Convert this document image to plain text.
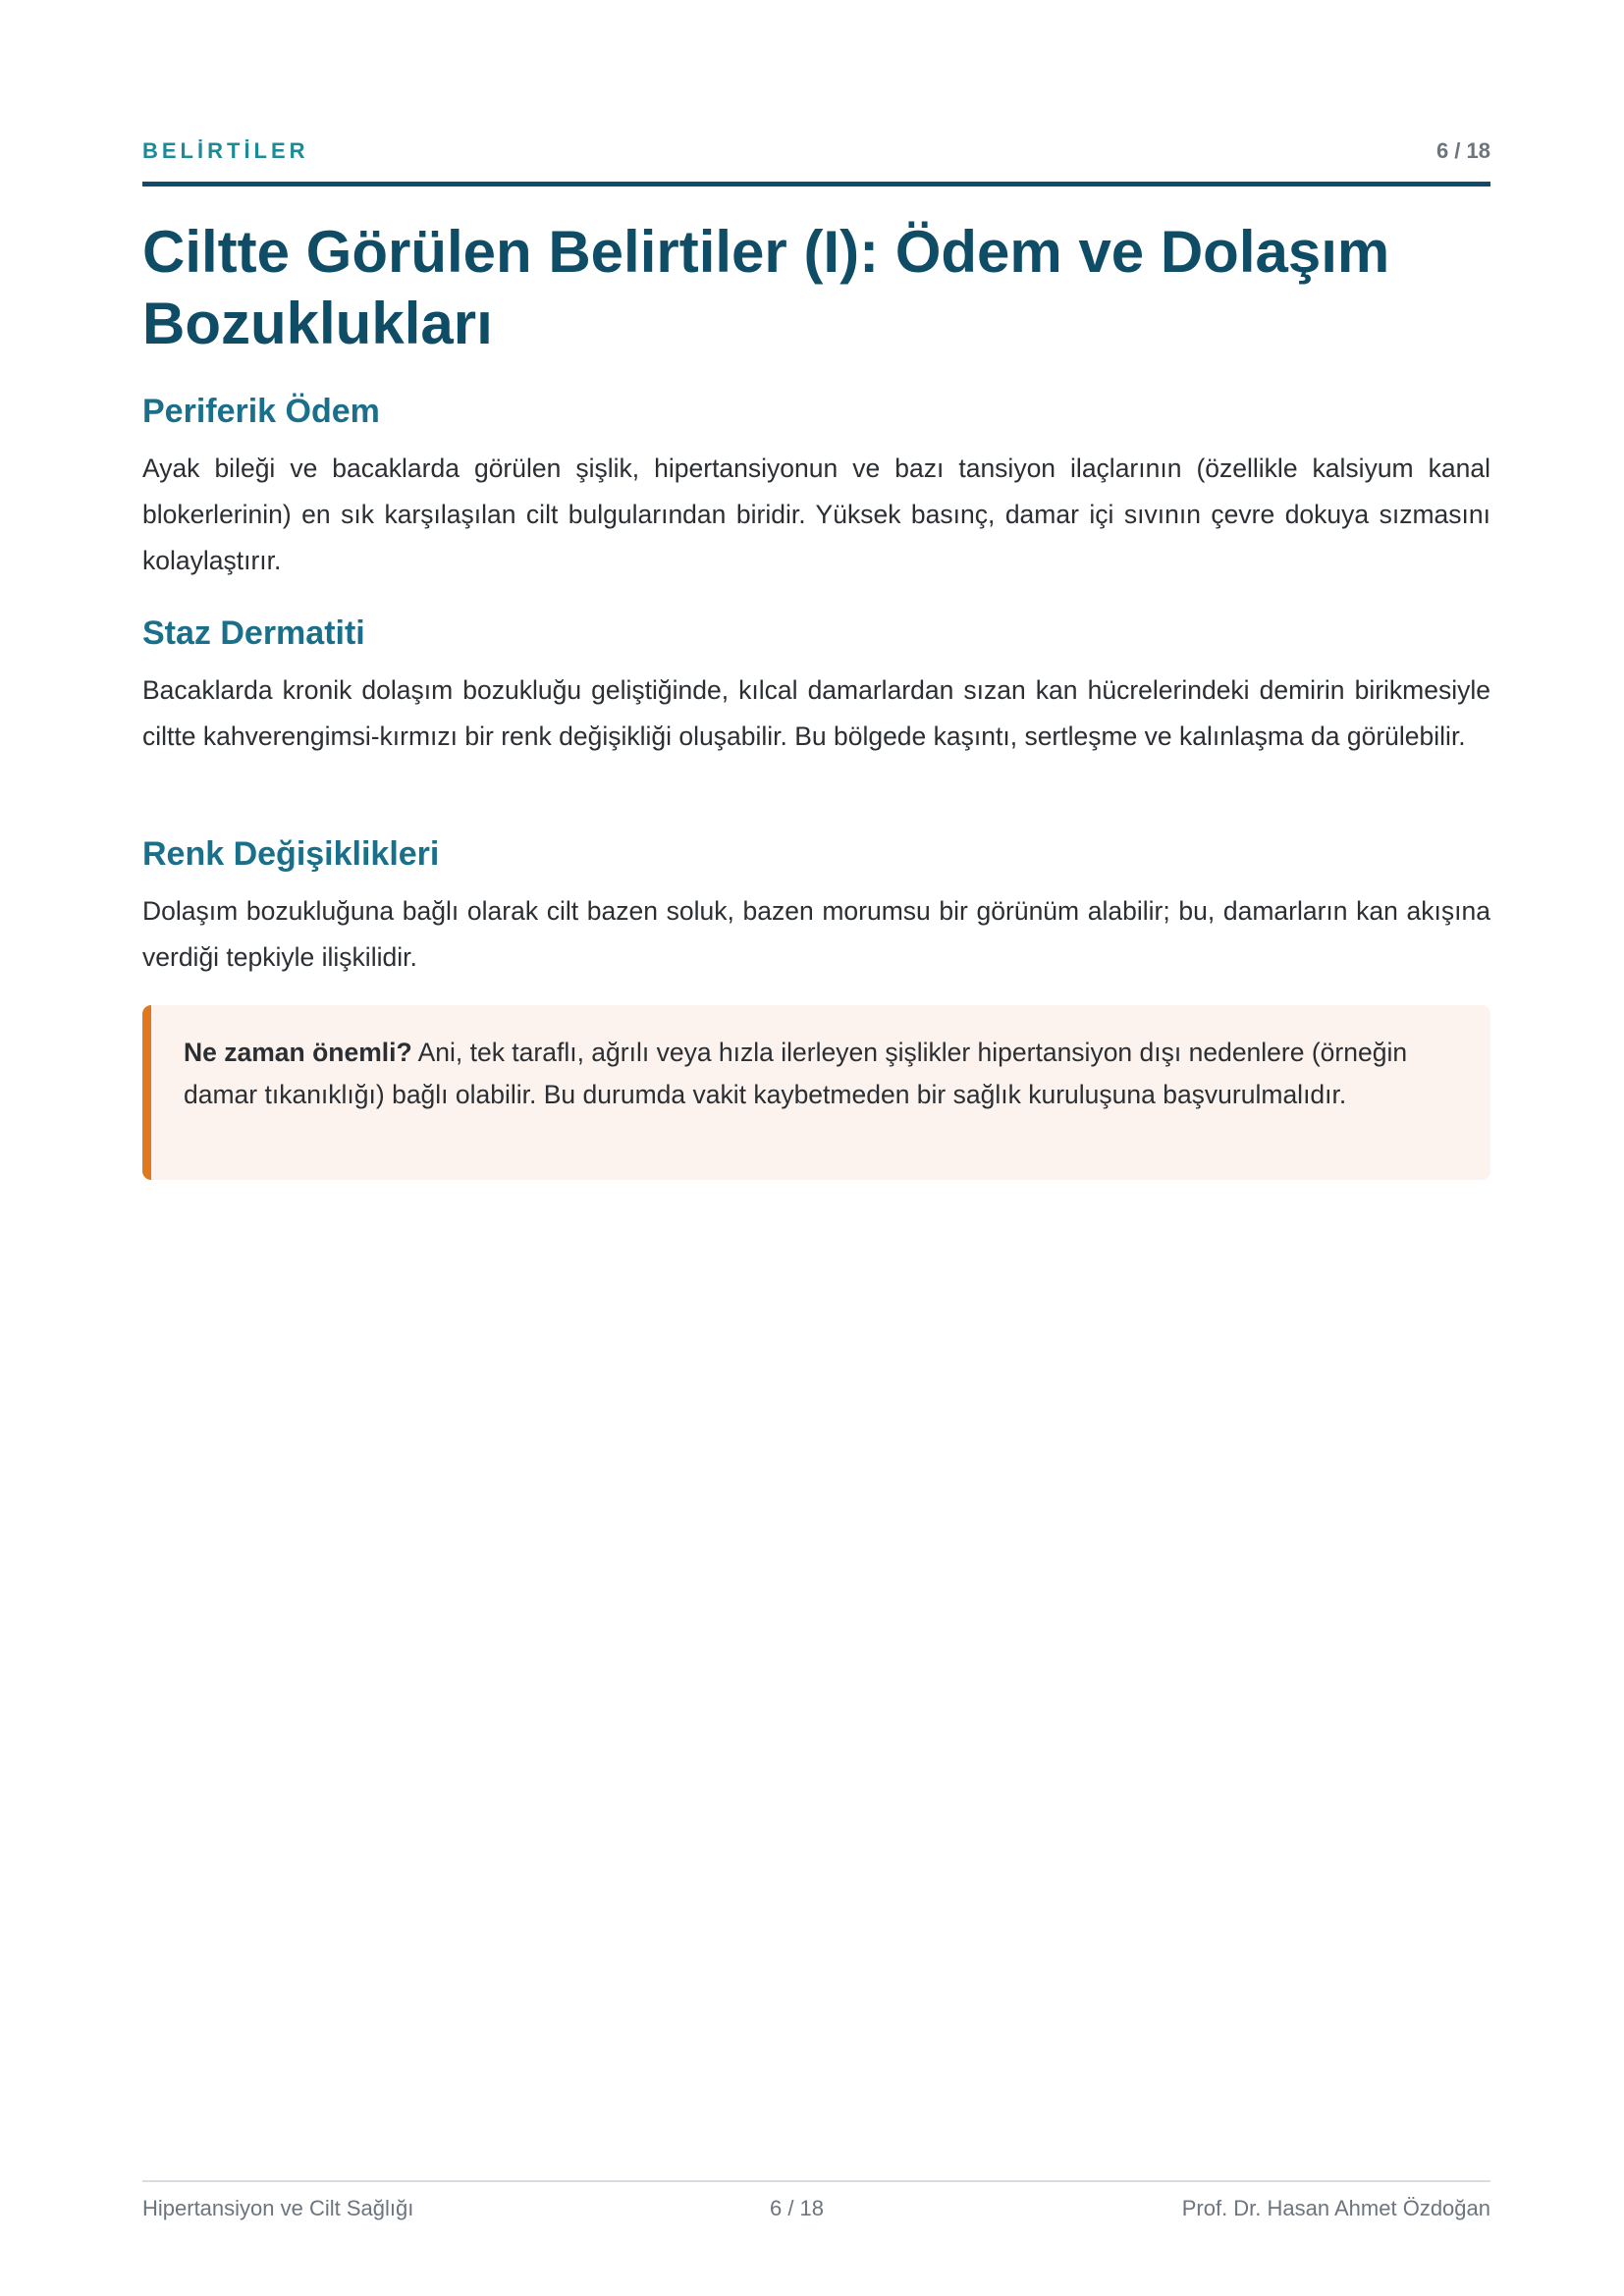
BELİRTİLER	6 / 18
Ciltte Görülen Belirtiler (I): Ödem ve Dolaşım Bozuklukları
Periferik Ödem

Ayak bileği ve bacaklarda görülen şişlik, hipertansiyonun ve bazı tansiyon ilaçlarının (özellikle kalsiyum kanal blokerlerinin) en sık karşılaşılan cilt bulgularından biridir. Yüksek basınç, damar içi sıvının çevre dokuya sızmasını kolaylaştırır.

Staz Dermatiti

Bacaklarda kronik dolaşım bozukluğu geliştiğinde, kılcal damarlardan sızan kan hücrelerindeki demirin birikmesiyle ciltte kahverengimsi-kırmızı bir renk değişikliği oluşabilir. Bu bölgede kaşıntı, sertleşme ve kalınlaşma da görülebilir.

Renk Değişiklikleri

Dolaşım bozukluğuna bağlı olarak cilt bazen soluk, bazen morumsu bir görünüm alabilir; bu, damarların kan akışına verdiği tepkiyle ilişkilidir.

Ne zaman önemli? Ani, tek taraflı, ağrılı veya hızla ilerleyen şişlikler hipertansiyon dışı nedenlere (örneğin damar tıkanıklığı) bağlı olabilir. Bu durumda vakit kaybetmeden bir sağlık kuruluşuna başvurulmalıdır.

Hipertansiyon ve Cilt Sağlığı	6 / 18	Prof. Dr. Hasan Ahmet Özdoğan
